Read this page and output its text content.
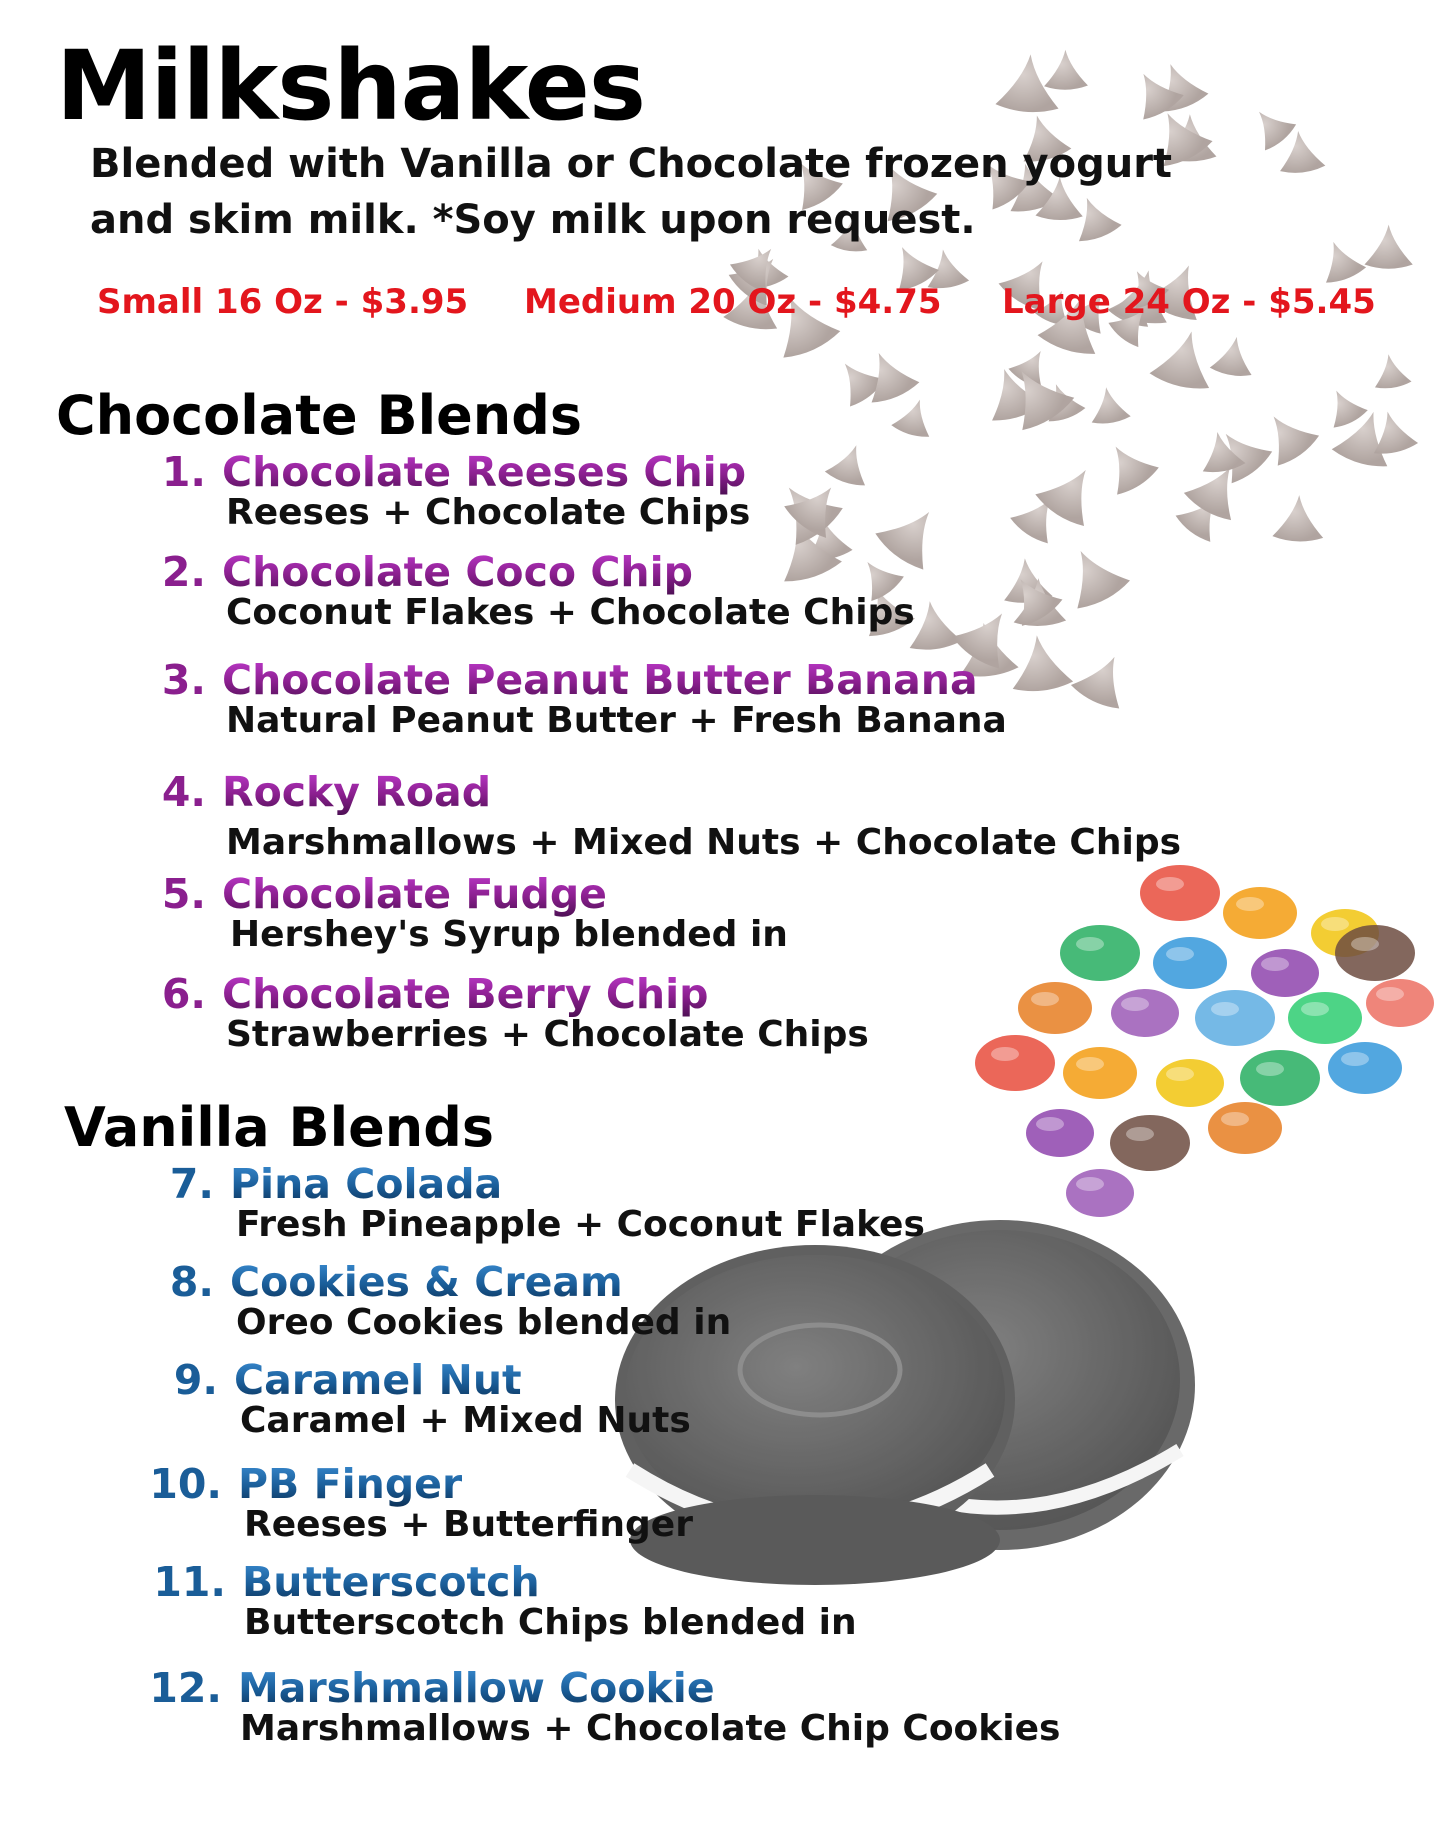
Milkshakes

Blended with Vanilla or Chocolate frozen yogurt
and skim milk. *Soy milk upon request.

Small 16 Oz - $3.95 Medium 20 Oz - $4.75 Large 24 Oz - $5.45

Chocolate Blends
1. Chocolate Reeses Chip
Reeses + Chocolate Chips
2. Chocolate Coco Chip
Coconut Flakes + Chocolate Chips
3. Chocolate Peanut Butter Banana
Natural Peanut Butter + Fresh Banana
4. Rocky Road
Marshmallows + Mixed Nuts + Chocolate Chips
5. Chocolate Fudge
Hershey's Syrup blended in
6. Chocolate Berry Chip
Strawberries + Chocolate Chips
Vanilla Blends
7. Pina Colada
Fresh Pineapple + Coconut Flakes
8. Cookies & Cream
Oreo Cookies blended in
9. Caramel Nut
Caramel + Mixed Nuts
10. PB Finger
Reeses + Butterfinger
11. Butterscotch
Butterscotch Chips blended in
12. Marshmallow Cookie
Marshmallows + Chocolate Chip Cookies
